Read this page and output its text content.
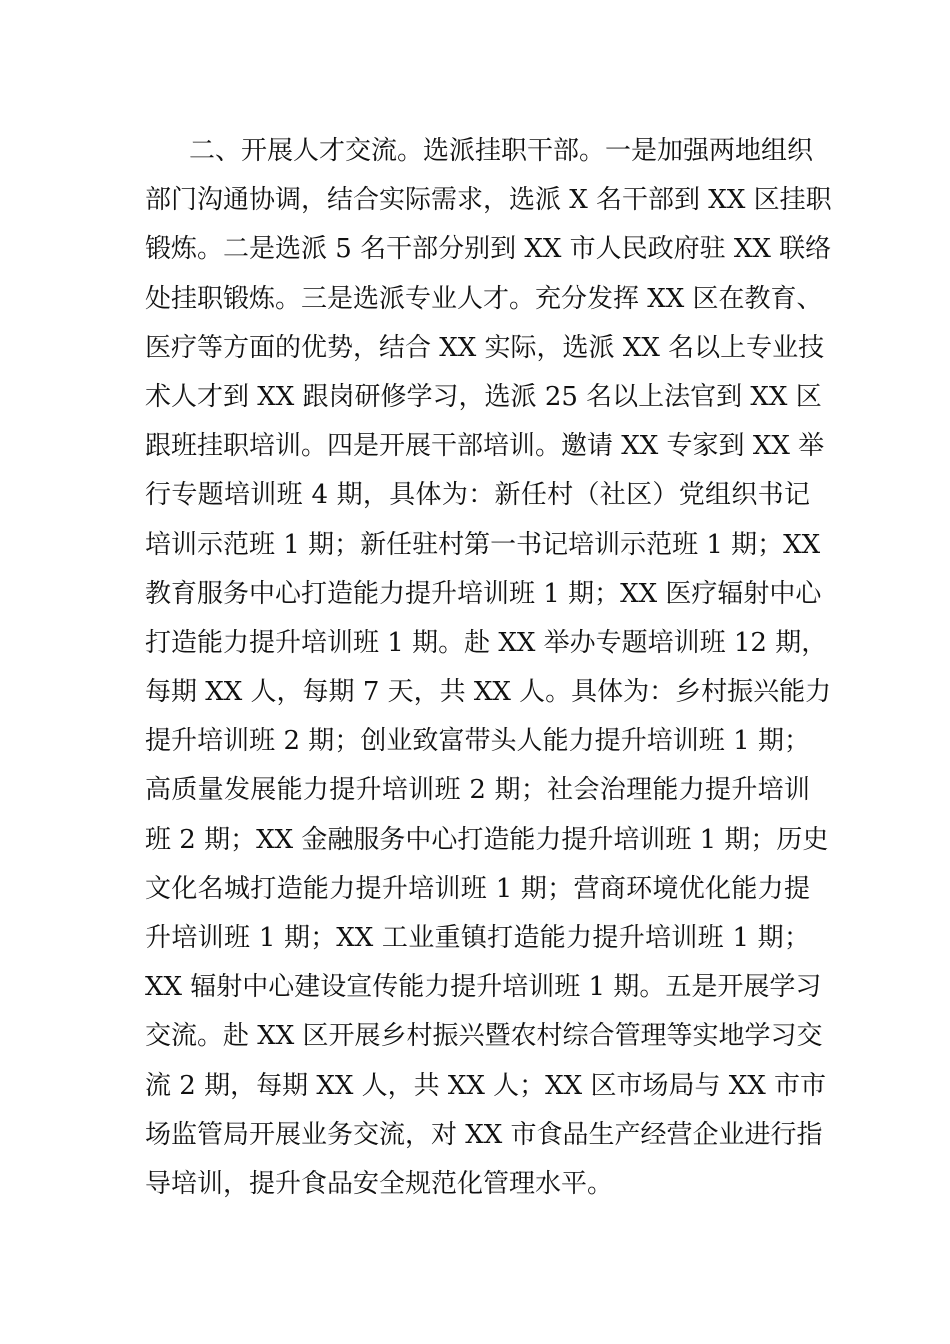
二、开展人才交流。选派挂职干部。一是加强两地组织
部门沟通协调，结合实际需求，选派 X 名干部到 XX 区挂职
锻炼。二是选派 5 名干部分别到 XX 市人民政府驻 XX 联络
处挂职锻炼。三是选派专业人才。充分发挥 XX 区在教育、
医疗等方面的优势，结合 XX 实际，选派 XX 名以上专业技
术人才到 XX 跟岗研修学习，选派 25 名以上法官到 XX 区
跟班挂职培训。四是开展干部培训。邀请 XX 专家到 XX 举
行专题培训班 4 期，具体为：新任村（社区）党组织书记
培训示范班 1 期；新任驻村第一书记培训示范班 1 期；XX
教育服务中心打造能力提升培训班 1 期；XX 医疗辐射中心
打造能力提升培训班 1 期。赴 XX 举办专题培训班 12 期，
每期 XX 人，每期 7 天，共 XX 人。具体为：乡村振兴能力
提升培训班 2 期；创业致富带头人能力提升培训班 1 期；
高质量发展能力提升培训班 2 期；社会治理能力提升培训
班 2 期；XX 金融服务中心打造能力提升培训班 1 期；历史
文化名城打造能力提升培训班 1 期；营商环境优化能力提
升培训班 1 期；XX 工业重镇打造能力提升培训班 1 期；
XX 辐射中心建设宣传能力提升培训班 1 期。五是开展学习
交流。赴 XX 区开展乡村振兴暨农村综合管理等实地学习交
流 2 期，每期 XX 人，共 XX 人；XX 区市场局与 XX 市市
场监管局开展业务交流，对 XX 市食品生产经营企业进行指
导培训，提升食品安全规范化管理水平。
